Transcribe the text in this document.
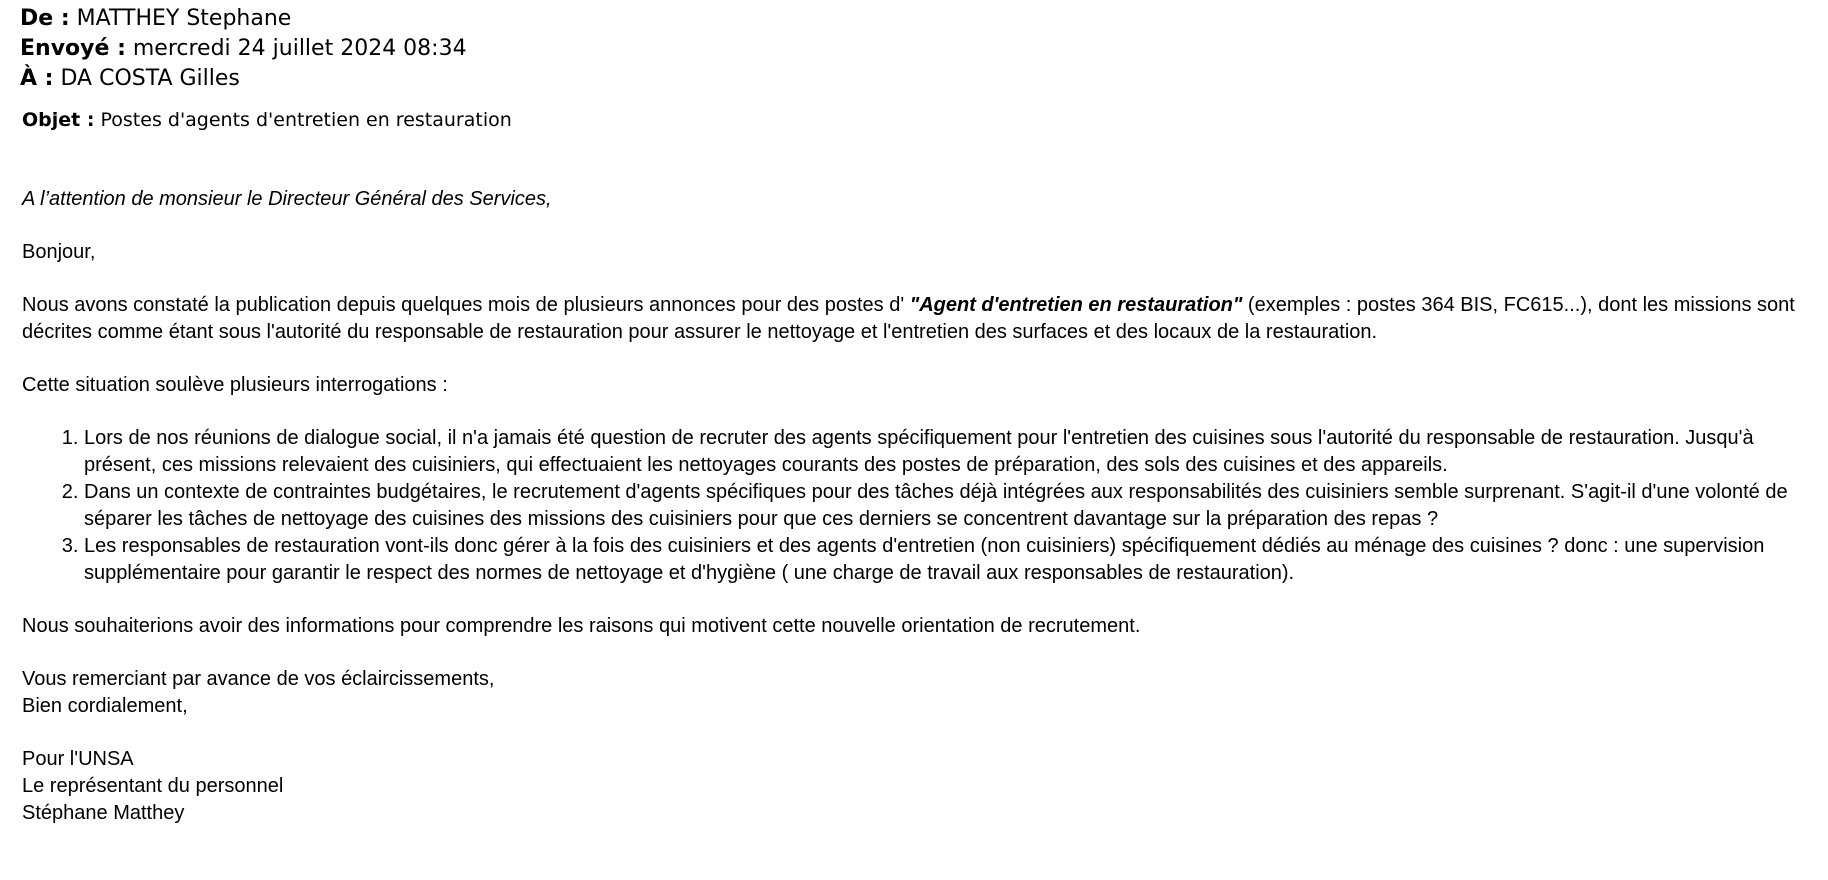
De : MATTHEY Stephane
Envoyé : mercredi 24 juillet 2024 08:34
À : DA COSTA Gilles
Objet : Postes d'agents d'entretien en restauration

A l’attention de monsieur le Directeur Général des Services,

Bonjour,

Nous avons constaté la publication depuis quelques mois de plusieurs annonces pour des postes d' "Agent d'entretien en restauration" (exemples : postes 364 BIS, FC615...), dont les missions sont décrites comme étant sous l'autorité du responsable de restauration pour assurer le nettoyage et l'entretien des surfaces et des locaux de la restauration.

Cette situation soulève plusieurs interrogations :

1. Lors de nos réunions de dialogue social, il n'a jamais été question de recruter des agents spécifiquement pour l'entretien des cuisines sous l'autorité du responsable de restauration. Jusqu'à présent, ces missions relevaient des cuisiniers, qui effectuaient les nettoyages courants des postes de préparation, des sols des cuisines et des appareils.
2. Dans un contexte de contraintes budgétaires, le recrutement d'agents spécifiques pour des tâches déjà intégrées aux responsabilités des cuisiniers semble surprenant. S'agit-il d'une volonté de séparer les tâches de nettoyage des cuisines des missions des cuisiniers pour que ces derniers se concentrent davantage sur la préparation des repas ?
3. Les responsables de restauration vont-ils donc gérer à la fois des cuisiniers et des agents d'entretien (non cuisiniers) spécifiquement dédiés au ménage des cuisines ? donc : une supervision supplémentaire pour garantir le respect des normes de nettoyage et d'hygiène ( une charge de travail aux responsables de restauration).

Nous souhaiterions avoir des informations pour comprendre les raisons qui motivent cette nouvelle orientation de recrutement.

Vous remerciant par avance de vos éclaircissements,

Bien cordialement,

Pour l'UNSA

Le représentant du personnel

Stéphane Matthey
